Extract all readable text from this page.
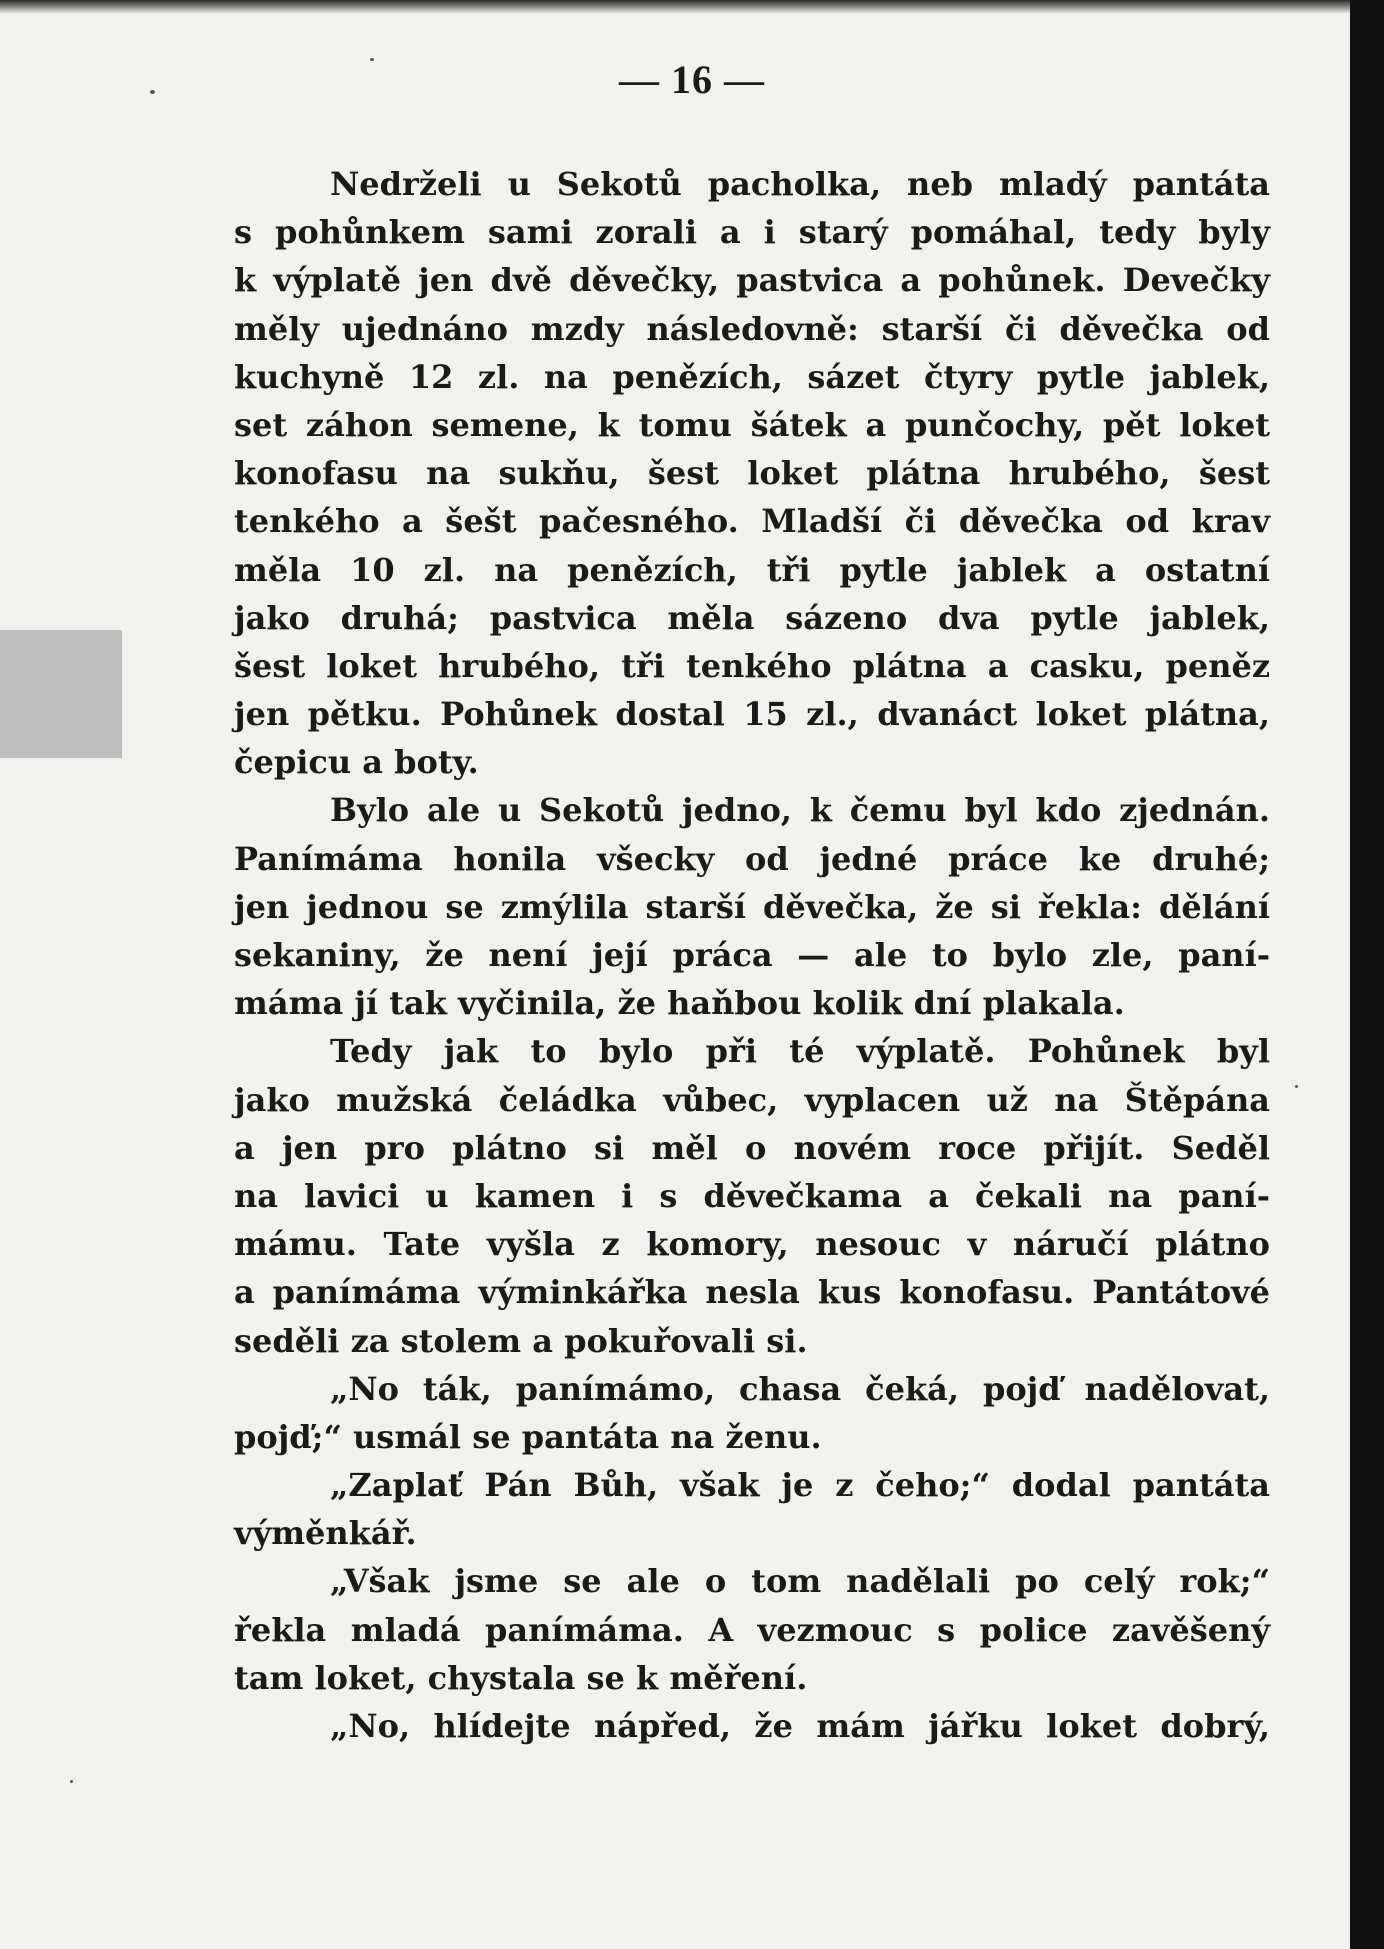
— 16 —
Nedrželi u Sekotů pacholka, neb mladý pantáta
s pohůnkem sami zorali a i starý pomáhal, tedy byly
k výplatě jen dvě děvečky, pastvica a pohůnek. Devečky
měly ujednáno mzdy následovně: starší či děvečka od
kuchyně 12 zl. na penězích, sázet čtyry pytle jablek,
set záhon semene, k tomu šátek a punčochy, pět loket
konofasu na sukňu, šest loket plátna hrubého, šest
tenkého a šešt pačesného. Mladší či děvečka od krav
měla 10 zl. na penězích, tři pytle jablek a ostatní
jako druhá; pastvica měla sázeno dva pytle jablek,
šest loket hrubého, tři tenkého plátna a casku, peněz
jen pětku. Pohůnek dostal 15 zl., dvanáct loket plátna,
čepicu a boty.
Bylo ale u Sekotů jedno, k čemu byl kdo zjednán.
Panímáma honila všecky od jedné práce ke druhé;
jen jednou se zmýlila starší děvečka, že si řekla: dělání
sekaniny, že není její práca — ale to bylo zle, paní-
máma jí tak vyčinila, že haňbou kolik dní plakala.
Tedy jak to bylo při té výplatě. Pohůnek byl
jako mužská čeládka vůbec, vyplacen už na Štěpána
a jen pro plátno si měl o novém roce přijít. Seděl
na lavici u kamen i s děvečkama a čekali na paní-
mámu. Tate vyšla z komory, nesouc v náručí plátno
a panímáma výminkářka nesla kus konofasu. Pantátové
seděli za stolem a pokuřovali si.
„No ták, panímámo, chasa čeká, pojď nadělovat,
pojď;“ usmál se pantáta na ženu.
„Zaplať Pán Bůh, však je z čeho;“ dodal pantáta
výměnkář.
„Však jsme se ale o tom nadělali po celý rok;“
řekla mladá panímáma. A vezmouc s police zavěšený
tam loket, chystala se k měření.
„No, hlídejte nápřed, že mám jářku loket dobrý,
